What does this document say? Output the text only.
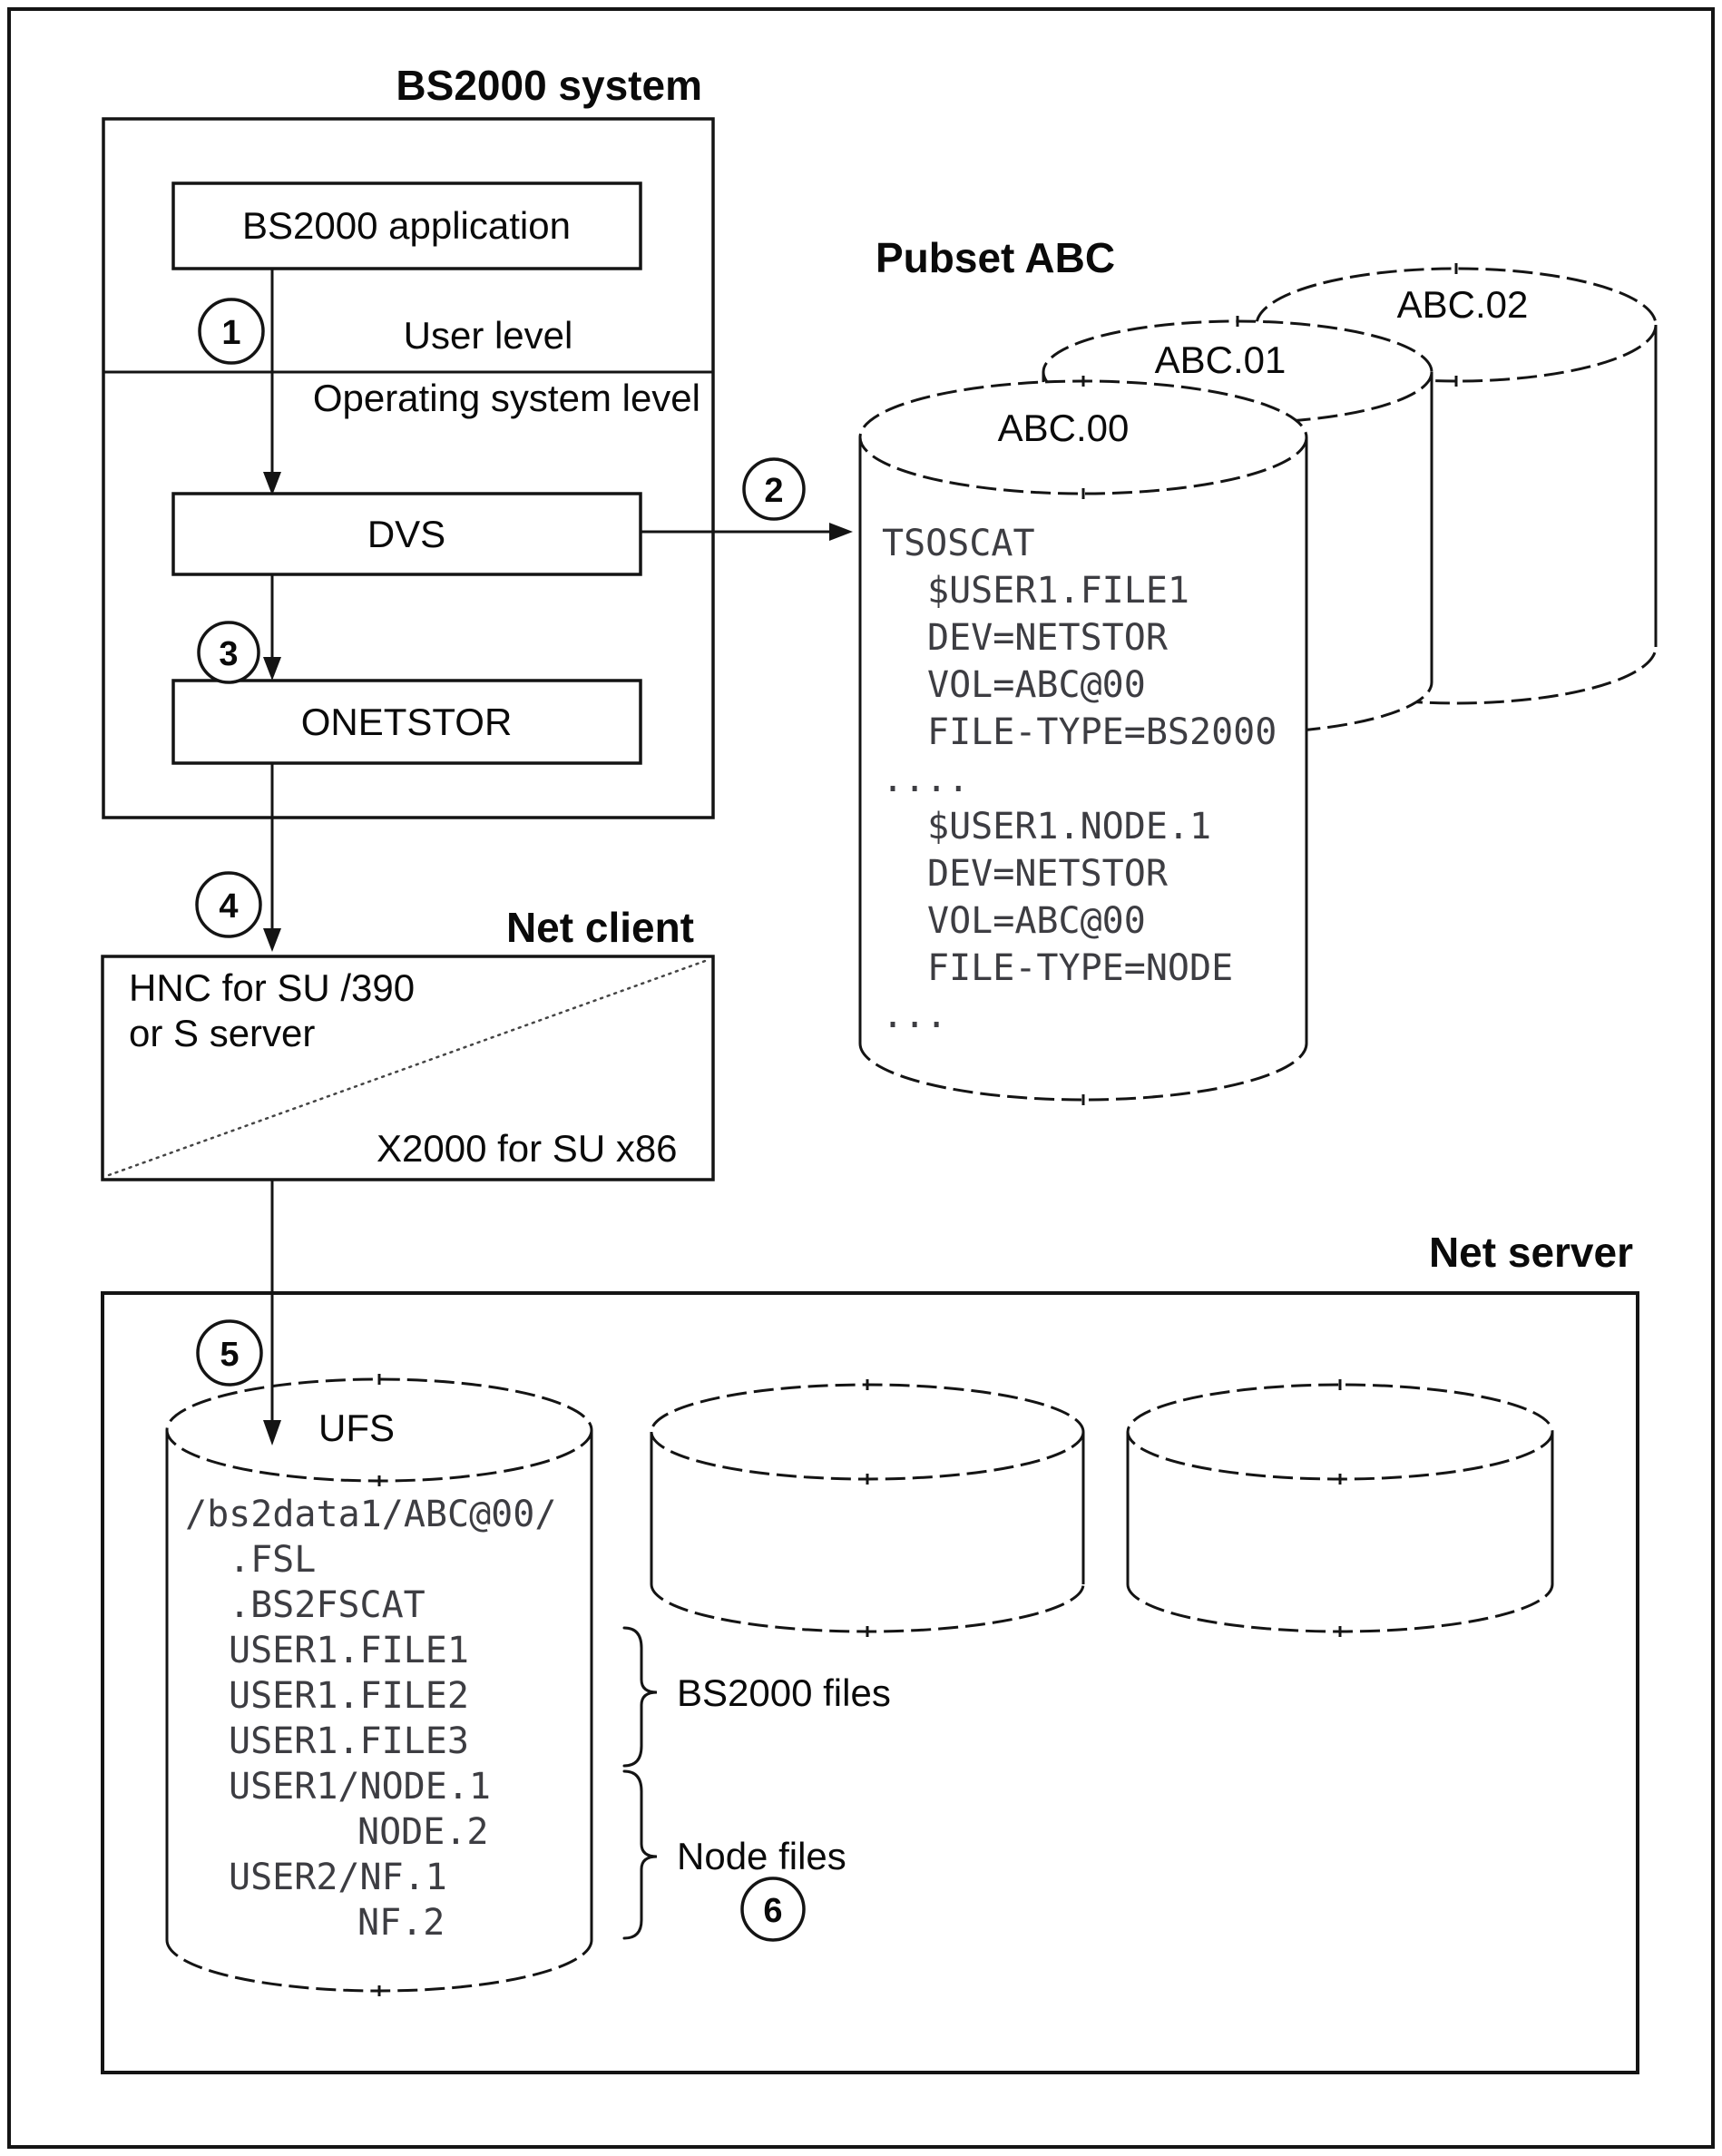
BS2000 system
BS2000 application
User level
Operating system level
DVS
ONETSTOR
Pubset ABC
ABC.02
ABC.01
ABC.00
TSOSCAT
$USER1.FILE1
DEV=NETSTOR
VOL=ABC@00
FILE-TYPE=BS2000
....
$USER1.NODE.1
DEV=NETSTOR
VOL=ABC@00
FILE-TYPE=NODE
...
Net client
HNC for SU /390
or S server
X2000 for SU x86
Net server
UFS
/bs2data1/ABC@00/
.FSL
.BS2FSCAT
USER1.FILE1
USER1.FILE2
USER1.FILE3
USER1/NODE.1
NODE.2
USER2/NF.1
NF.2
BS2000 files
Node files
1
2
3
4
5
6
